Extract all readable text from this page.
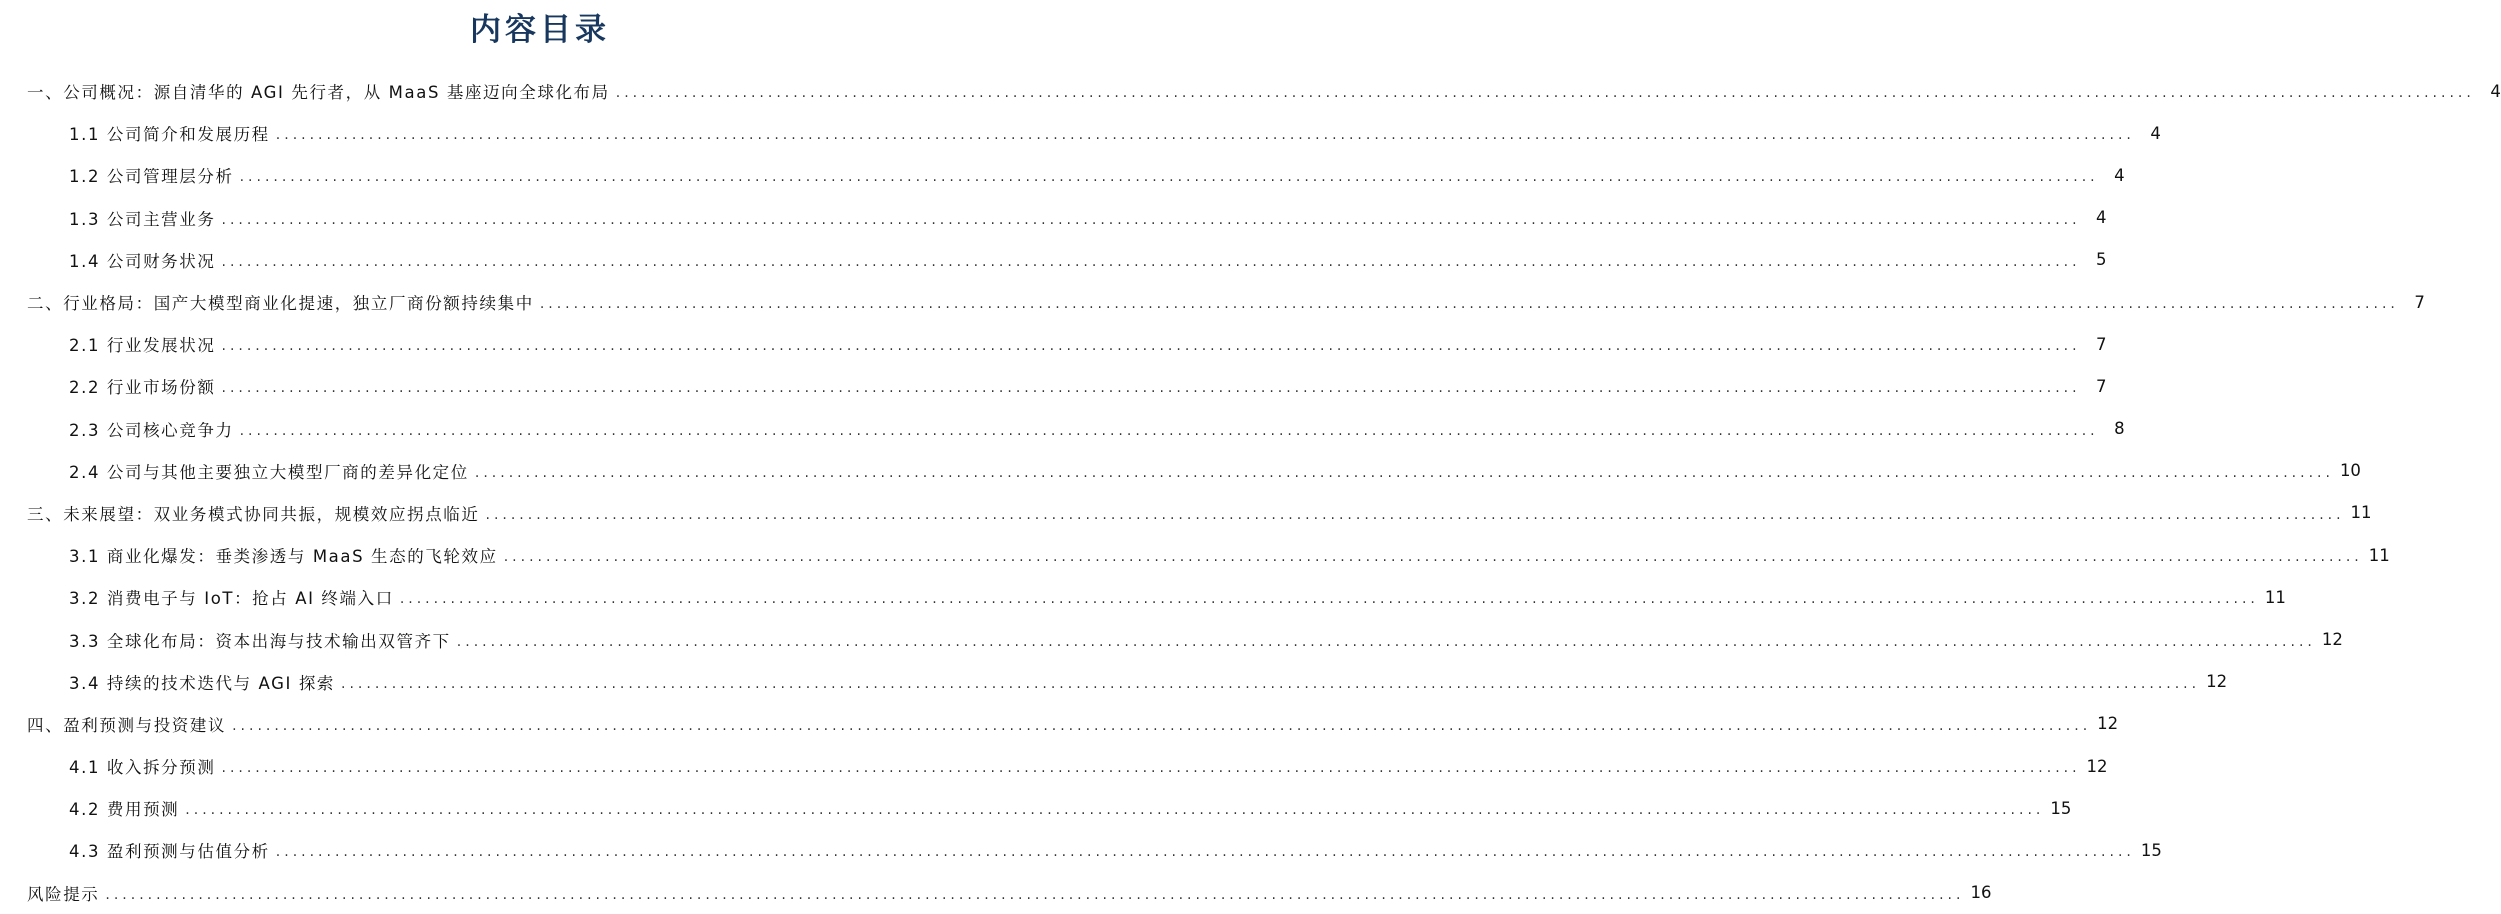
内容目录
一、公司概况：源自清华的 AGI 先行者，从 MaaS 基座迈向全球化布局 ............................................................................................................................................................................................................................ 4
1.1 公司简介和发展历程 ............................................................................................................................................................................................................................ 4
1.2 公司管理层分析 ............................................................................................................................................................................................................................ 4
1.3 公司主营业务 ............................................................................................................................................................................................................................ 4
1.4 公司财务状况 ............................................................................................................................................................................................................................ 5
二、行业格局：国产大模型商业化提速，独立厂商份额持续集中 ............................................................................................................................................................................................................................ 7
2.1 行业发展状况 ............................................................................................................................................................................................................................ 7
2.2 行业市场份额 ............................................................................................................................................................................................................................ 7
2.3 公司核心竞争力 ............................................................................................................................................................................................................................ 8
2.4 公司与其他主要独立大模型厂商的差异化定位 ............................................................................................................................................................................................................................ 10
三、未来展望：双业务模式协同共振，规模效应拐点临近 ............................................................................................................................................................................................................................ 11
3.1 商业化爆发：垂类渗透与 MaaS 生态的飞轮效应 ............................................................................................................................................................................................................................ 11
3.2 消费电子与 IoT：抢占 AI 终端入口 ............................................................................................................................................................................................................................ 11
3.3 全球化布局：资本出海与技术输出双管齐下 ............................................................................................................................................................................................................................ 12
3.4 持续的技术迭代与 AGI 探索 ............................................................................................................................................................................................................................ 12
四、盈利预测与投资建议 ............................................................................................................................................................................................................................ 12
4.1 收入拆分预测 ............................................................................................................................................................................................................................ 12
4.2 费用预测 ............................................................................................................................................................................................................................ 15
4.3 盈利预测与估值分析 ............................................................................................................................................................................................................................ 15
风险提示 ............................................................................................................................................................................................................................ 16
